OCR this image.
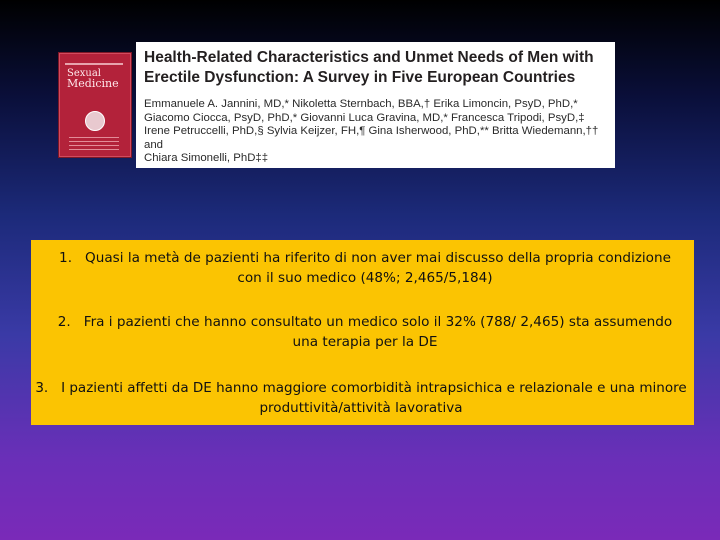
Sexual
Medicine
Health-Related Characteristics and Unmet Needs of Men with
Erectile Dysfunction: A Survey in Five European Countries
Emmanuele A. Jannini, MD,* Nikoletta Sternbach, BBA,† Erika Limoncin, PsyD, PhD,*
Giacomo Ciocca, PsyD, PhD,* Giovanni Luca Gravina, MD,* Francesca Tripodi, PsyD,‡
Irene Petruccelli, PhD,§ Sylvia Keijzer, FH,¶ Gina Isherwood, PhD,** Britta Wiedemann,†† and
Chiara Simonelli, PhD‡‡
1. Quasi la metà de pazienti ha riferito di non aver mai discusso della propria condizione con il suo medico (48%; 2,465/5,184)
2. Fra i pazienti che hanno consultato un medico solo il 32% (788/ 2,465) sta assumendo una terapia per la DE
3. I pazienti affetti da DE hanno maggiore comorbidità intrapsichica e relazionale e una minore produttività/attività lavorativa
